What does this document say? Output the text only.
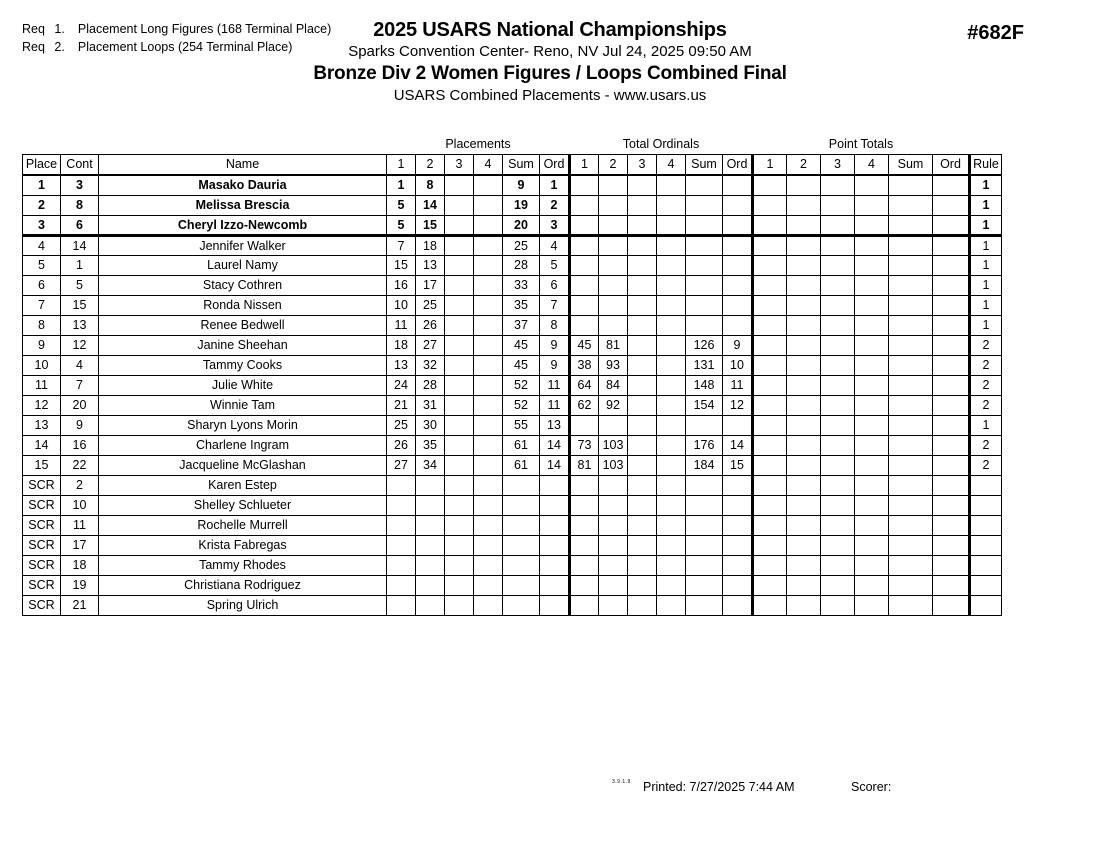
Req 1. Placement Long Figures (168 Terminal Place)
Req 2. Placement Loops (254 Terminal Place)
2025 USARS National Championships
Sparks Convention Center- Reno, NV Jul 24, 2025 09:50 AM
Bronze Div 2 Women Figures / Loops Combined Final
USARS Combined Placements - www.usars.us
#682F
			Placements						Total Ordinals						Point Totals						
Place	Cont	Name	1	2	3	4	Sum	Ord	1	2	3	4	Sum	Ord	1	2	3	4	Sum	Ord	Rule
1	3	Masako Dauria	1	8			9	1													1
2	8	Melissa Brescia	5	14			19	2													1
3	6	Cheryl Izzo-Newcomb	5	15			20	3													1
4	14	Jennifer Walker	7	18			25	4													1
5	1	Laurel Namy	15	13			28	5													1
6	5	Stacy Cothren	16	17			33	6													1
7	15	Ronda Nissen	10	25			35	7													1
8	13	Renee Bedwell	11	26			37	8													1
9	12	Janine Sheehan	18	27			45	9	45	81			126	9							2
10	4	Tammy Cooks	13	32			45	9	38	93			131	10							2
11	7	Julie White	24	28			52	11	64	84			148	11							2
12	20	Winnie Tam	21	31			52	11	62	92			154	12							2
13	9	Sharyn Lyons Morin	25	30			55	13													1
14	16	Charlene Ingram	26	35			61	14	73	103			176	14							2
15	22	Jacqueline McGlashan	27	34			61	14	81	103			184	15							2
SCR	2	Karen Estep																			
SCR	10	Shelley Schlueter																			
SCR	11	Rochelle Murrell																			
SCR	17	Krista Fabregas																			
SCR	18	Tammy Rhodes																			
SCR	19	Christiana Rodriguez																			
SCR	21	Spring Ulrich																			
3.9.1.9 Printed: 7/27/2025 7:44 AM	Scorer:
